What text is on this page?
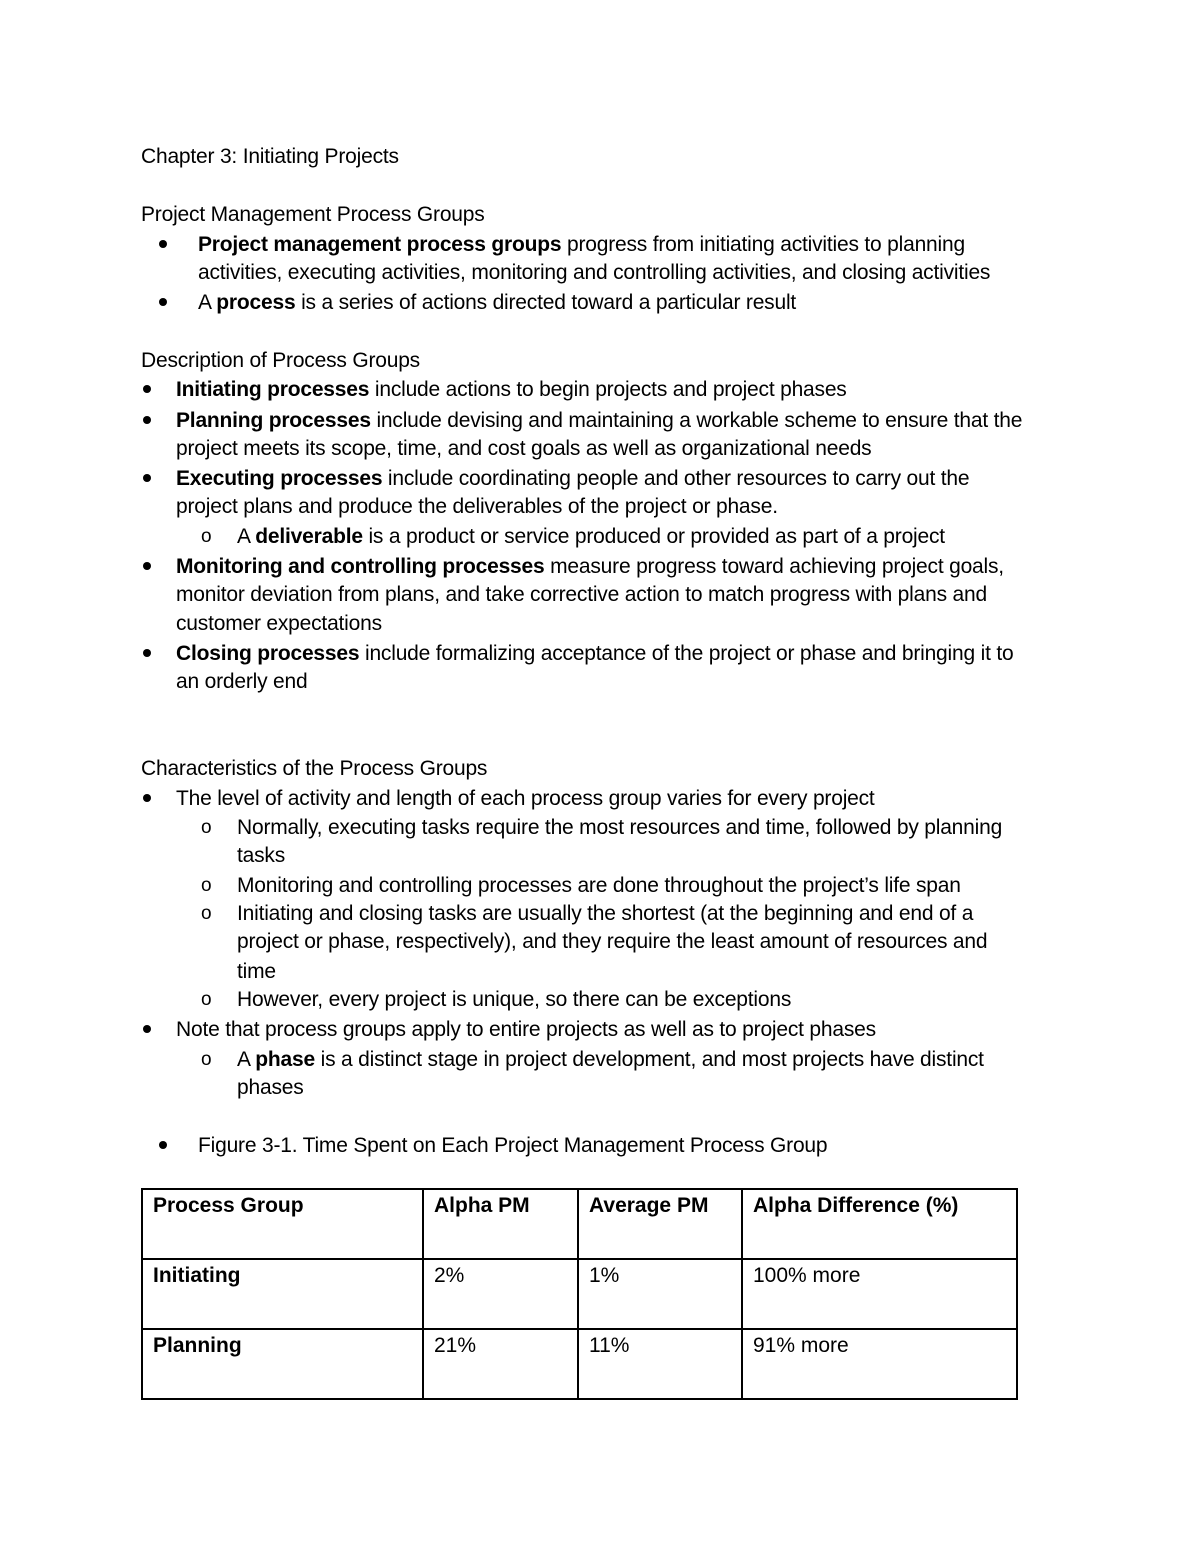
Chapter 3: Initiating Projects
Project Management Process Groups
Project management process groups progress from initiating activities to planning
activities, executing activities, monitoring and controlling activities, and closing activities
A process is a series of actions directed toward a particular result
Description of Process Groups
Initiating processes include actions to begin projects and project phases
Planning processes include devising and maintaining a workable scheme to ensure that the
project meets its scope, time, and cost goals as well as organizational needs
Executing processes include coordinating people and other resources to carry out the
project plans and produce the deliverables of the project or phase.
o A deliverable is a product or service produced or provided as part of a project
Monitoring and controlling processes measure progress toward achieving project goals,
monitor deviation from plans, and take corrective action to match progress with plans and
customer expectations
Closing processes include formalizing acceptance of the project or phase and bringing it to
an orderly end
Characteristics of the Process Groups
The level of activity and length of each process group varies for every project
o Normally, executing tasks require the most resources and time, followed by planning
tasks
o Monitoring and controlling processes are done throughout the project’s life span
o Initiating and closing tasks are usually the shortest (at the beginning and end of a
project or phase, respectively), and they require the least amount of resources and
time
o However, every project is unique, so there can be exceptions
Note that process groups apply to entire projects as well as to project phases
o A phase is a distinct stage in project development, and most projects have distinct
phases
Figure 3-1. Time Spent on Each Project Management Process Group
Process Group	Alpha PM	Average PM	Alpha Difference (%)
Initiating	2%	1%	100% more
Planning	21%	11%	91% more
